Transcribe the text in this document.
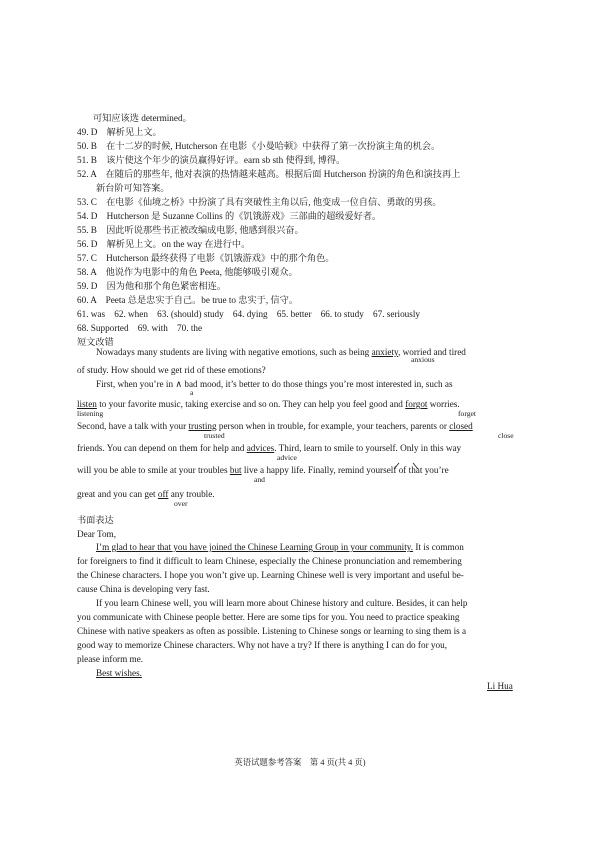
可知应该选 determined。
49. D　解析见上文。
50. B　在十二岁的时候, Hutcherson 在电影《小曼哈顿》中获得了第一次扮演主角的机会。
51. B　该片使这个年少的演员赢得好评。earn sb sth 使得到, 博得。
52. A　在随后的那些年, 他对表演的热情越来越高。根据后面 Hutcherson 扮演的角色和演技再上
新台阶可知答案。
53. C　在电影《仙境之桥》中扮演了具有突破性主角以后, 他变成一位自信、勇敢的男孩。
54. D　Hutcherson 是 Suzanne Collins 的《饥饿游戏》三部曲的超级爱好者。
55. B　因此听说那些书正被改编成电影, 他感到很兴奋。
56. D　解析见上文。on the way 在进行中。
57. C　Hutcherson 最终获得了电影《饥饿游戏》中的那个角色。
58. A　他说作为电影中的角色 Peeta, 他能够吸引观众。
59. D　因为他和那个角色紧密相连。
60. A　Peeta 总是忠实于自己。be true to 忠实于, 信守。
61. was　62. when　63. (should) study　64. dying　65. better　66. to study　67. seriously
68. Supported　69. with　70. the
短文改错
Nowadays many students are living with negative emotions, such as being anxiety, worried and tired
anxious
of study. How should we get rid of these emotions?
First, when you’re in ∧ bad mood, it’s better to do those things you’re most interested in, such as
a
listen to your favorite music, taking exercise and so on. They can help you feel good and forgot worries.
listening	forget
Second, have a talk with your trusting person when in trouble, for example, your teachers, parents or closed
trusted	close
friends. You can depend on them for help and advices. Third, learn to smile to yourself. Only in this way
advice
will you be able to smile at your troubles but live a happy life. Finally, remind yourself
of that you’re
and
great and you can get off any trouble.
over
书面表达
Dear Tom,
I’m glad to hear that you have joined the Chinese Learning Group in your community. It is common
for foreigners to find it difficult to learn Chinese, especially the Chinese pronunciation and remembering
the Chinese characters. I hope you won’t give up. Learning Chinese well is very important and useful be-
cause China is developing very fast.
If you learn Chinese well, you will learn more about Chinese history and culture. Besides, it can help
you communicate with Chinese people better. Here are some tips for you. You need to practice speaking
Chinese with native speakers as often as possible. Listening to Chinese songs or learning to sing them is a
good way to memorize Chinese characters. Why not have a try? If there is anything I can do for you,
please inform me.
Best wishes.
Li Hua
英语试题参考答案　第 4 页(共 4 页)
